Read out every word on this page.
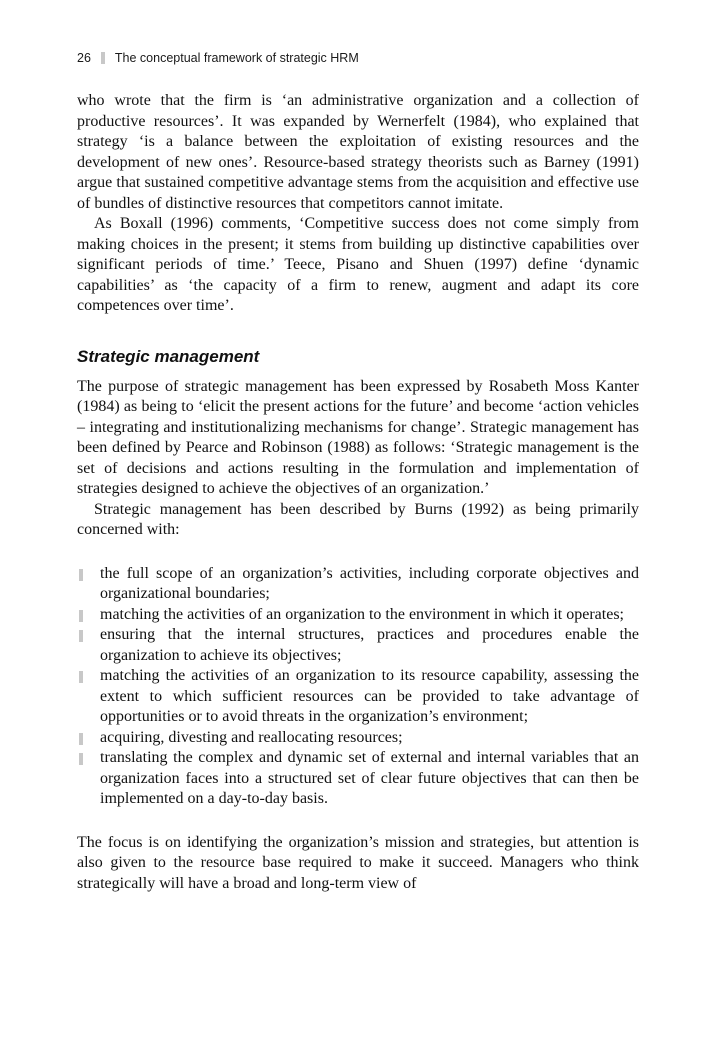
26 The conceptual framework of strategic HRM

who wrote that the firm is ‘an administrative organization and a collection of productive resources’. It was expanded by Wernerfelt (1984), who explained that strategy ‘is a balance between the exploitation of existing resources and the development of new ones’. Resource-based strategy theorists such as Barney (1991) argue that sustained competitive advantage stems from the acquisition and effective use of bundles of distinctive resources that competitors cannot imitate.

As Boxall (1996) comments, ‘Competitive success does not come simply from making choices in the present; it stems from building up distinctive capabilities over significant periods of time.’ Teece, Pisano and Shuen (1997) define ‘dynamic capabilities’ as ‘the capacity of a firm to renew, augment and adapt its core competences over time’.

Strategic management

The purpose of strategic management has been expressed by Rosabeth Moss Kanter (1984) as being to ‘elicit the present actions for the future’ and become ‘action vehicles – integrating and institutionalizing mechanisms for change’. Strategic management has been defined by Pearce and Robinson (1988) as follows: ‘Strategic management is the set of decisions and actions resulting in the formulation and implementation of strategies designed to achieve the objectives of an organization.’

Strategic management has been described by Burns (1992) as being primarily concerned with:

the full scope of an organization’s activities, including corporate objectives and organizational boundaries;
matching the activities of an organization to the environment in which it operates;
ensuring that the internal structures, practices and procedures enable the organization to achieve its objectives;
matching the activities of an organization to its resource capability, assessing the extent to which sufficient resources can be provided to take advantage of opportunities or to avoid threats in the organization’s environment;
acquiring, divesting and reallocating resources;
translating the complex and dynamic set of external and internal variables that an organization faces into a structured set of clear future objectives that can then be implemented on a day-to-day basis.

The focus is on identifying the organization’s mission and strategies, but attention is also given to the resource base required to make it succeed. Managers who think strategically will have a broad and long-term view of
